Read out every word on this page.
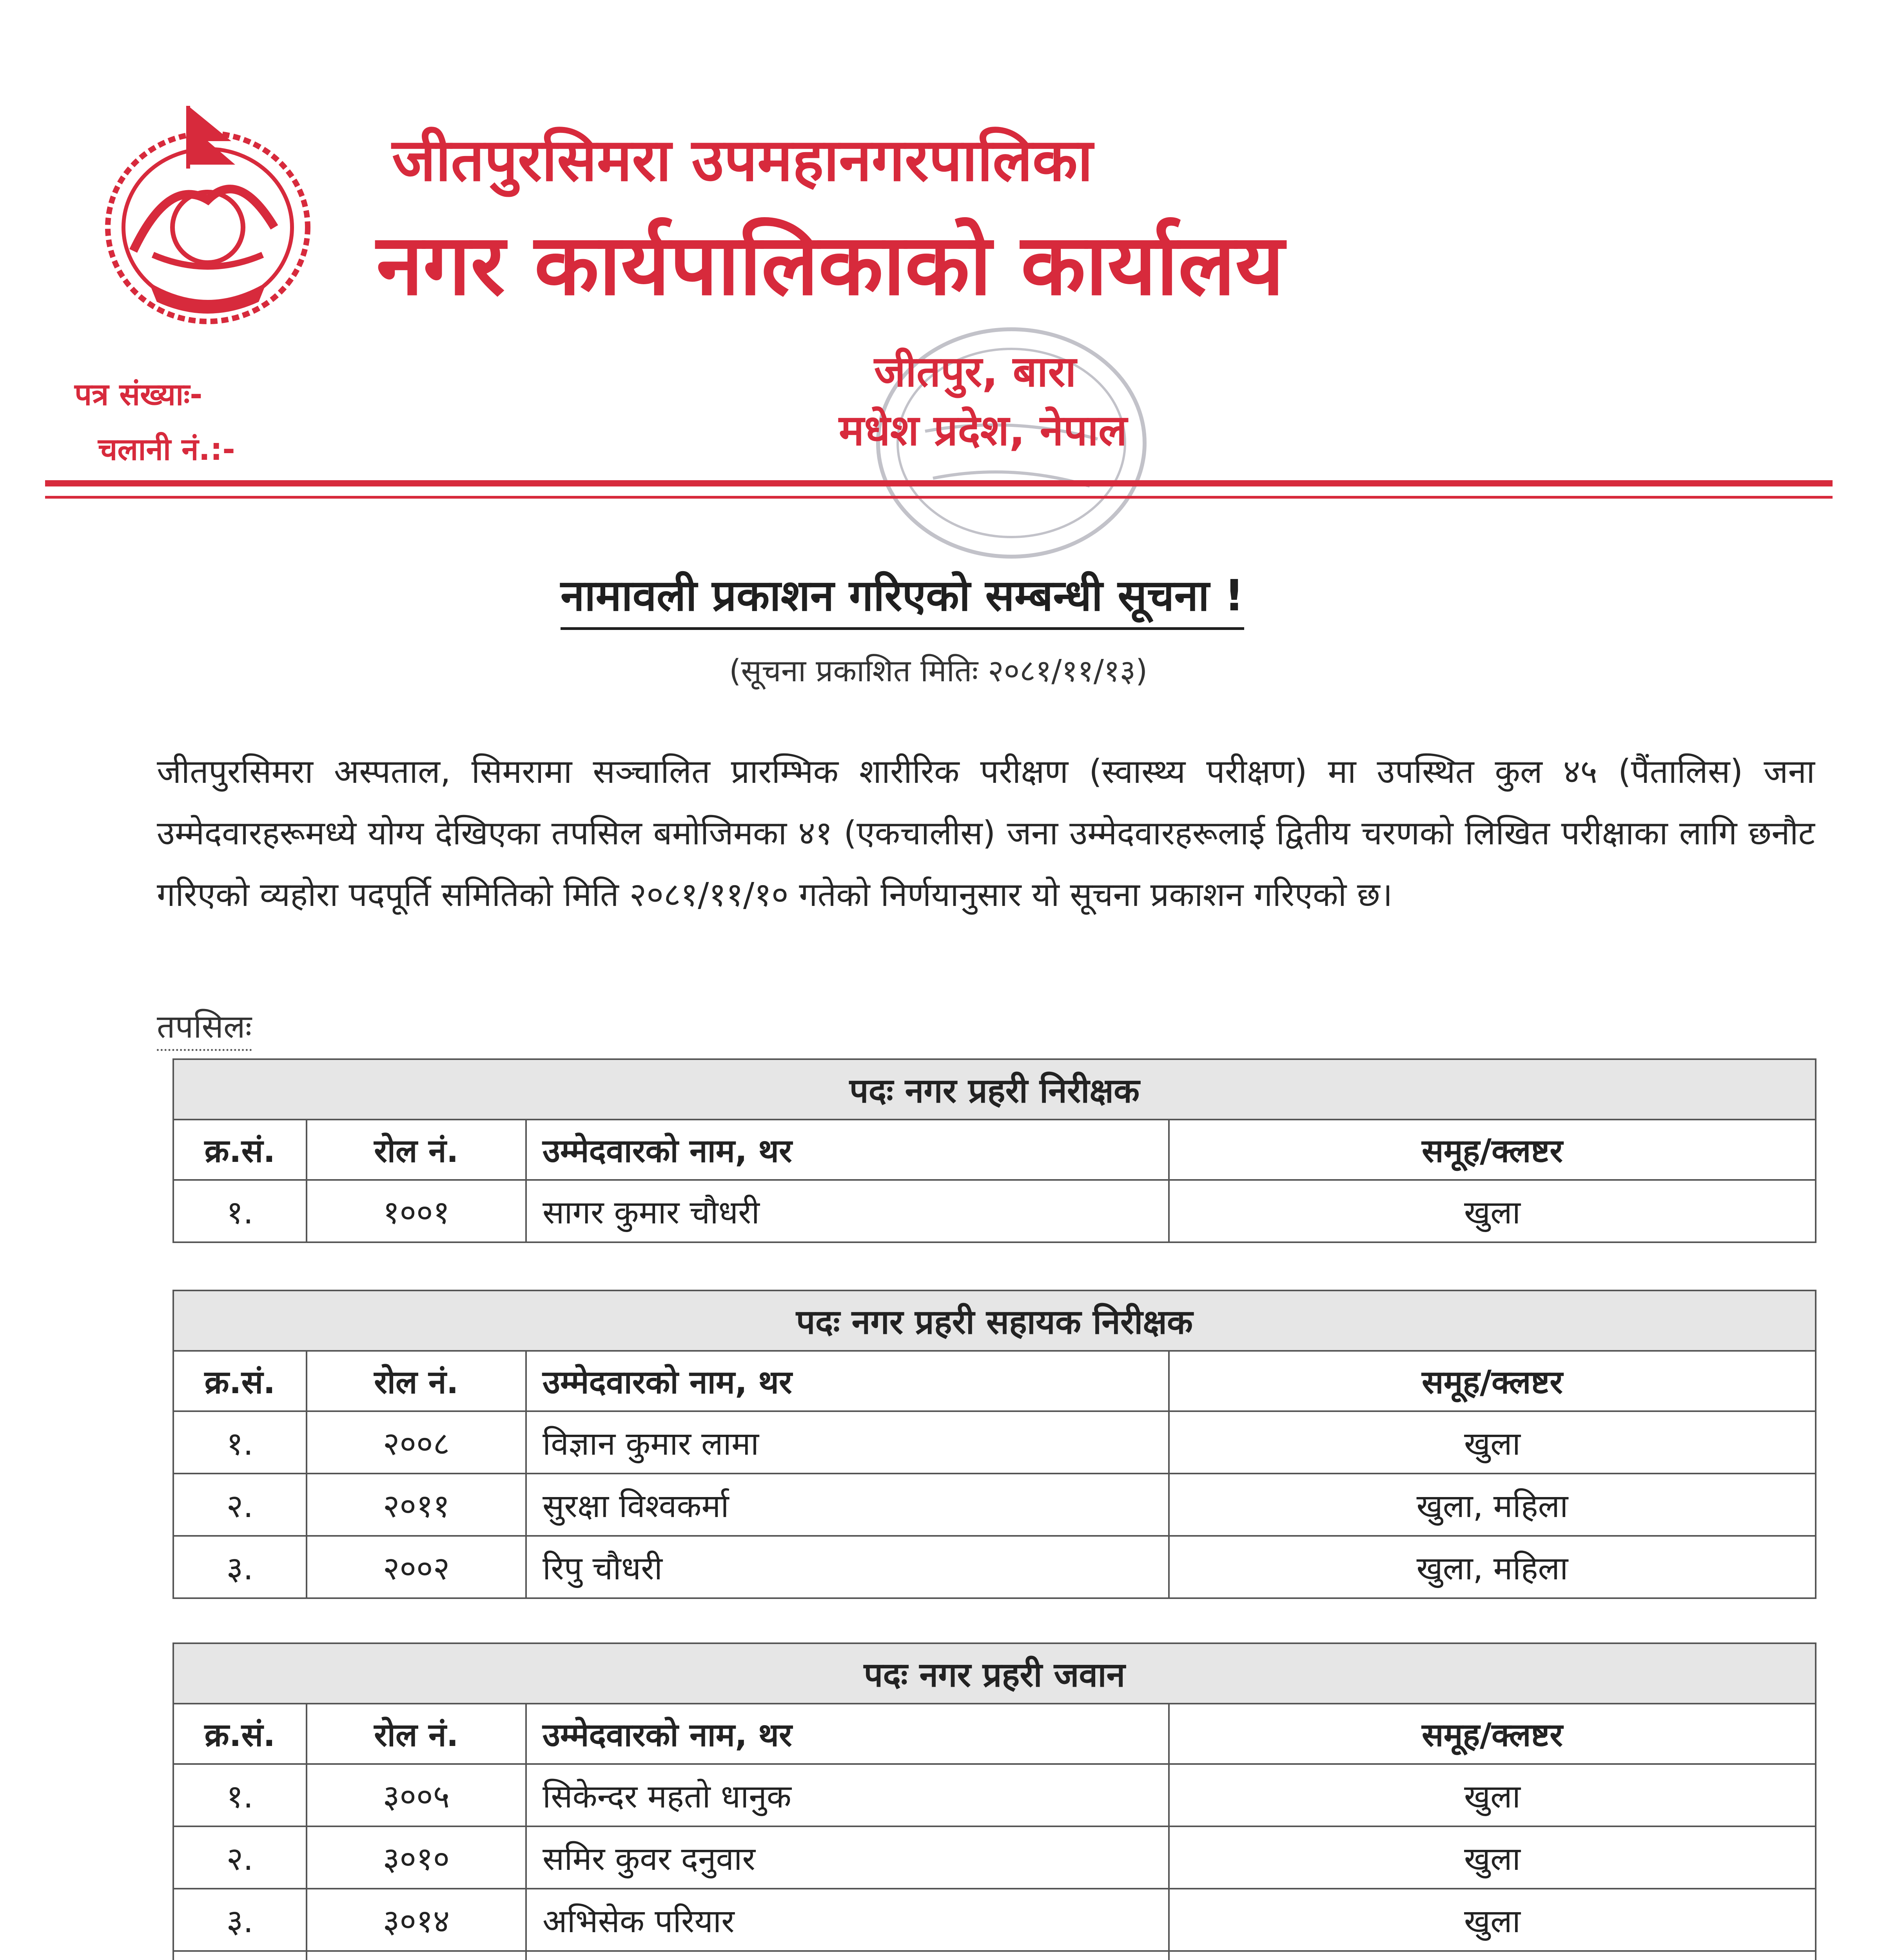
जीतपुरसिमरा उपमहानगरपालिका
नगर कार्यपालिकाको कार्यालय
पत्र संख्याः-
चलानी नं.:-
जीतपुर, बारा
मधेश प्रदेश, नेपाल
नामावली प्रकाशन गरिएको सम्बन्धी सूचना !
(सूचना प्रकाशित मितिः २०८१/११/१३)
जीतपुरसिमरा अस्पताल, सिमरामा सञ्चालित प्रारम्भिक शारीरिक परीक्षण (स्वास्थ्य परीक्षण) मा उपस्थित कुल ४५ (पैंतालिस) जना उम्मेदवारहरूमध्ये योग्य देखिएका तपसिल बमोजिमका ४१ (एकचालीस) जना उम्मेदवारहरूलाई द्वितीय चरणको लिखित परीक्षाका लागि छनौट गरिएको व्यहोरा पदपूर्ति समितिको मिति २०८१/११/१० गतेको निर्णयानुसार यो सूचना प्रकाशन गरिएको छ।
तपसिलः
पदः नगर प्रहरी निरीक्षक			
क्र.सं.	रोल नं.	उम्मेदवारको नाम, थर	समूह/क्लष्टर
१.	१००१	सागर कुमार चौधरी	खुला
पदः नगर प्रहरी सहायक निरीक्षक			
क्र.सं.	रोल नं.	उम्मेदवारको नाम, थर	समूह/क्लष्टर
१.	२००८	विज्ञान कुमार लामा	खुला
२.	२०११	सुरक्षा विश्वकर्मा	खुला, महिला
३.	२००२	रिपु चौधरी	खुला, महिला
पदः नगर प्रहरी जवान			
क्र.सं.	रोल नं.	उम्मेदवारको नाम, थर	समूह/क्लष्टर
१.	३००५	सिकेन्दर महतो धानुक	खुला
२.	३०१०	समिर कुवर दनुवार	खुला
३.	३०१४	अभिसेक परियार	खुला
